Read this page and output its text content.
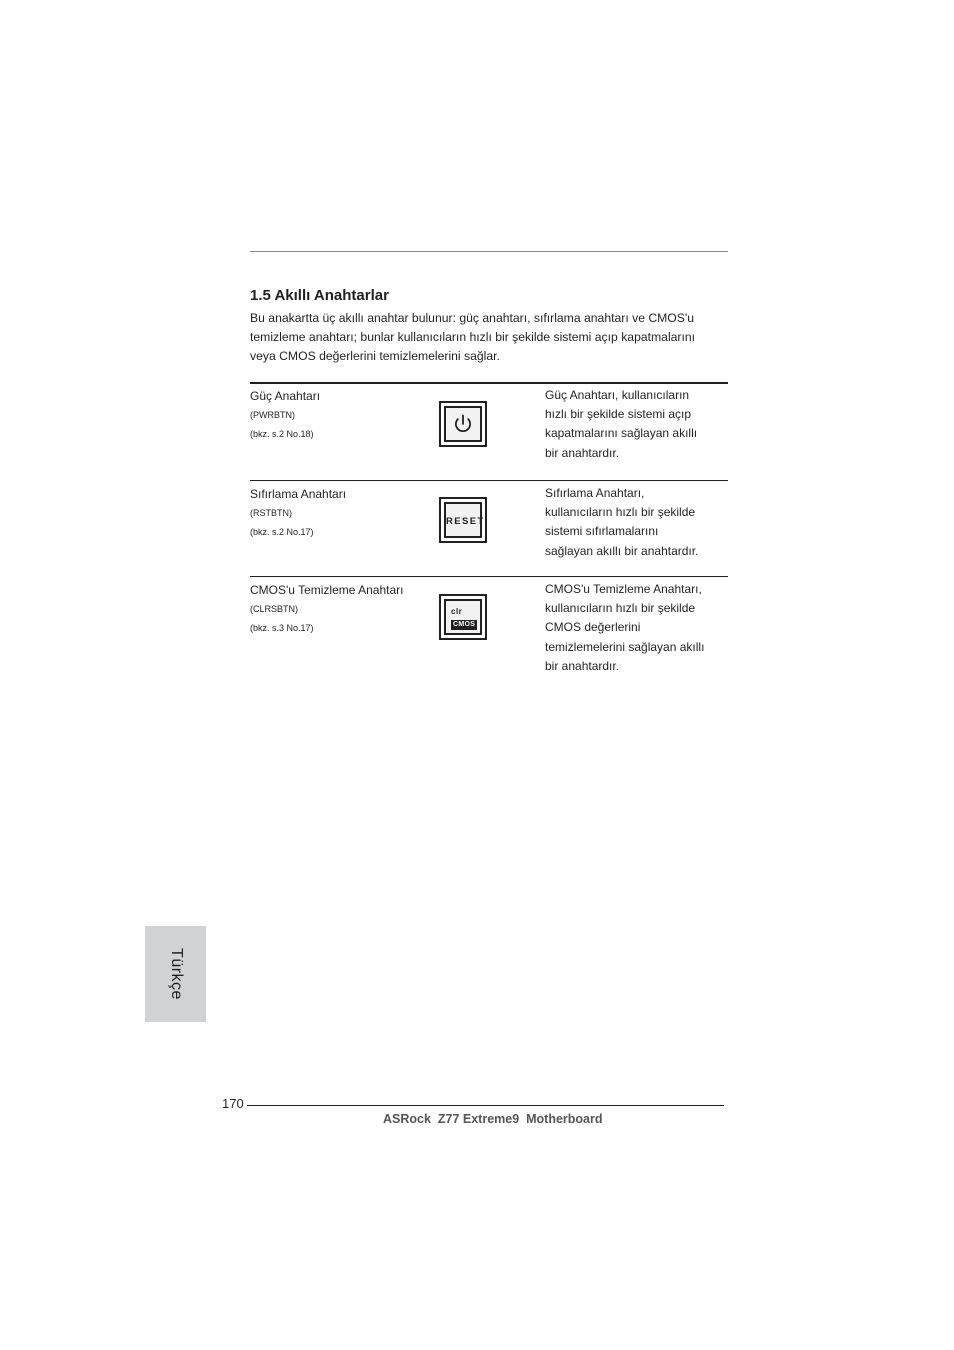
1.5 Akıllı Anahtarlar

Bu anakartta üç akıllı anahtar bulunur: güç anahtarı, sıfırlama anahtarı ve CMOS'u
temizleme anahtarı; bunlar kullanıcıların hızlı bir şekilde sistemi açıp kapatmalarını
veya CMOS değerlerini temizlemelerini sağlar.

Güç Anahtarı
(PWRBTN)
(bkz. s.2 No.18)
Güç Anahtarı, kullanıcıların
hızlı bir şekilde sistemi açıp
kapatmalarını sağlayan akıllı
bir anahtardır.
Sıfırlama Anahtarı
(RSTBTN)
(bkz. s.2 No.17)
RESET
Sıfırlama Anahtarı,
kullanıcıların hızlı bir şekilde
sistemi sıfırlamalarını
sağlayan akıllı bir anahtardır.
CMOS'u Temizleme Anahtarı
(CLRSBTN)
(bkz. s.3 No.17)
clr
CMOS
CMOS'u Temizleme Anahtarı,
kullanıcıların hızlı bir şekilde
CMOS değerlerini
temizlemelerini sağlayan akıllı
bir anahtardır.
Türkçe
170
ASRock  Z77 Extreme9  Motherboard
